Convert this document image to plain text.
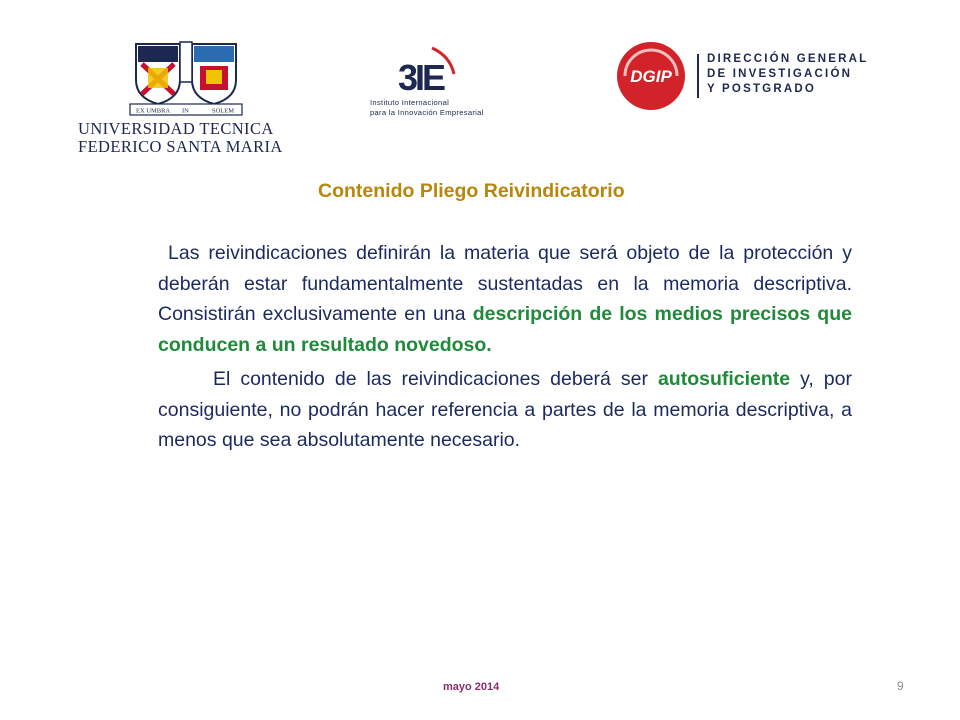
EX UMBRA IN	SOLEM
UNIVERSIDAD TECNICA
FEDERICO SANTA MARIA
3IE
Instituto Internacional
para la Innovación Empresarial
DGIP
DIRECCIÓN GENERAL
DE INVESTIGACIÓN
Y POSTGRADO
Contenido Pliego Reivindicatorio

Las reivindicaciones definirán la materia que será objeto de la protección y deberán estar fundamentalmente sustentadas en la memoria descriptiva. Consistirán exclusivamente en una descripción de los medios precisos que conducen a un resultado novedoso.

El contenido de las reivindicaciones deberá ser autosuficiente y, por consiguiente, no podrán hacer referencia a partes de la memoria descriptiva, a menos que sea absolutamente necesario.

mayo 2014	9
